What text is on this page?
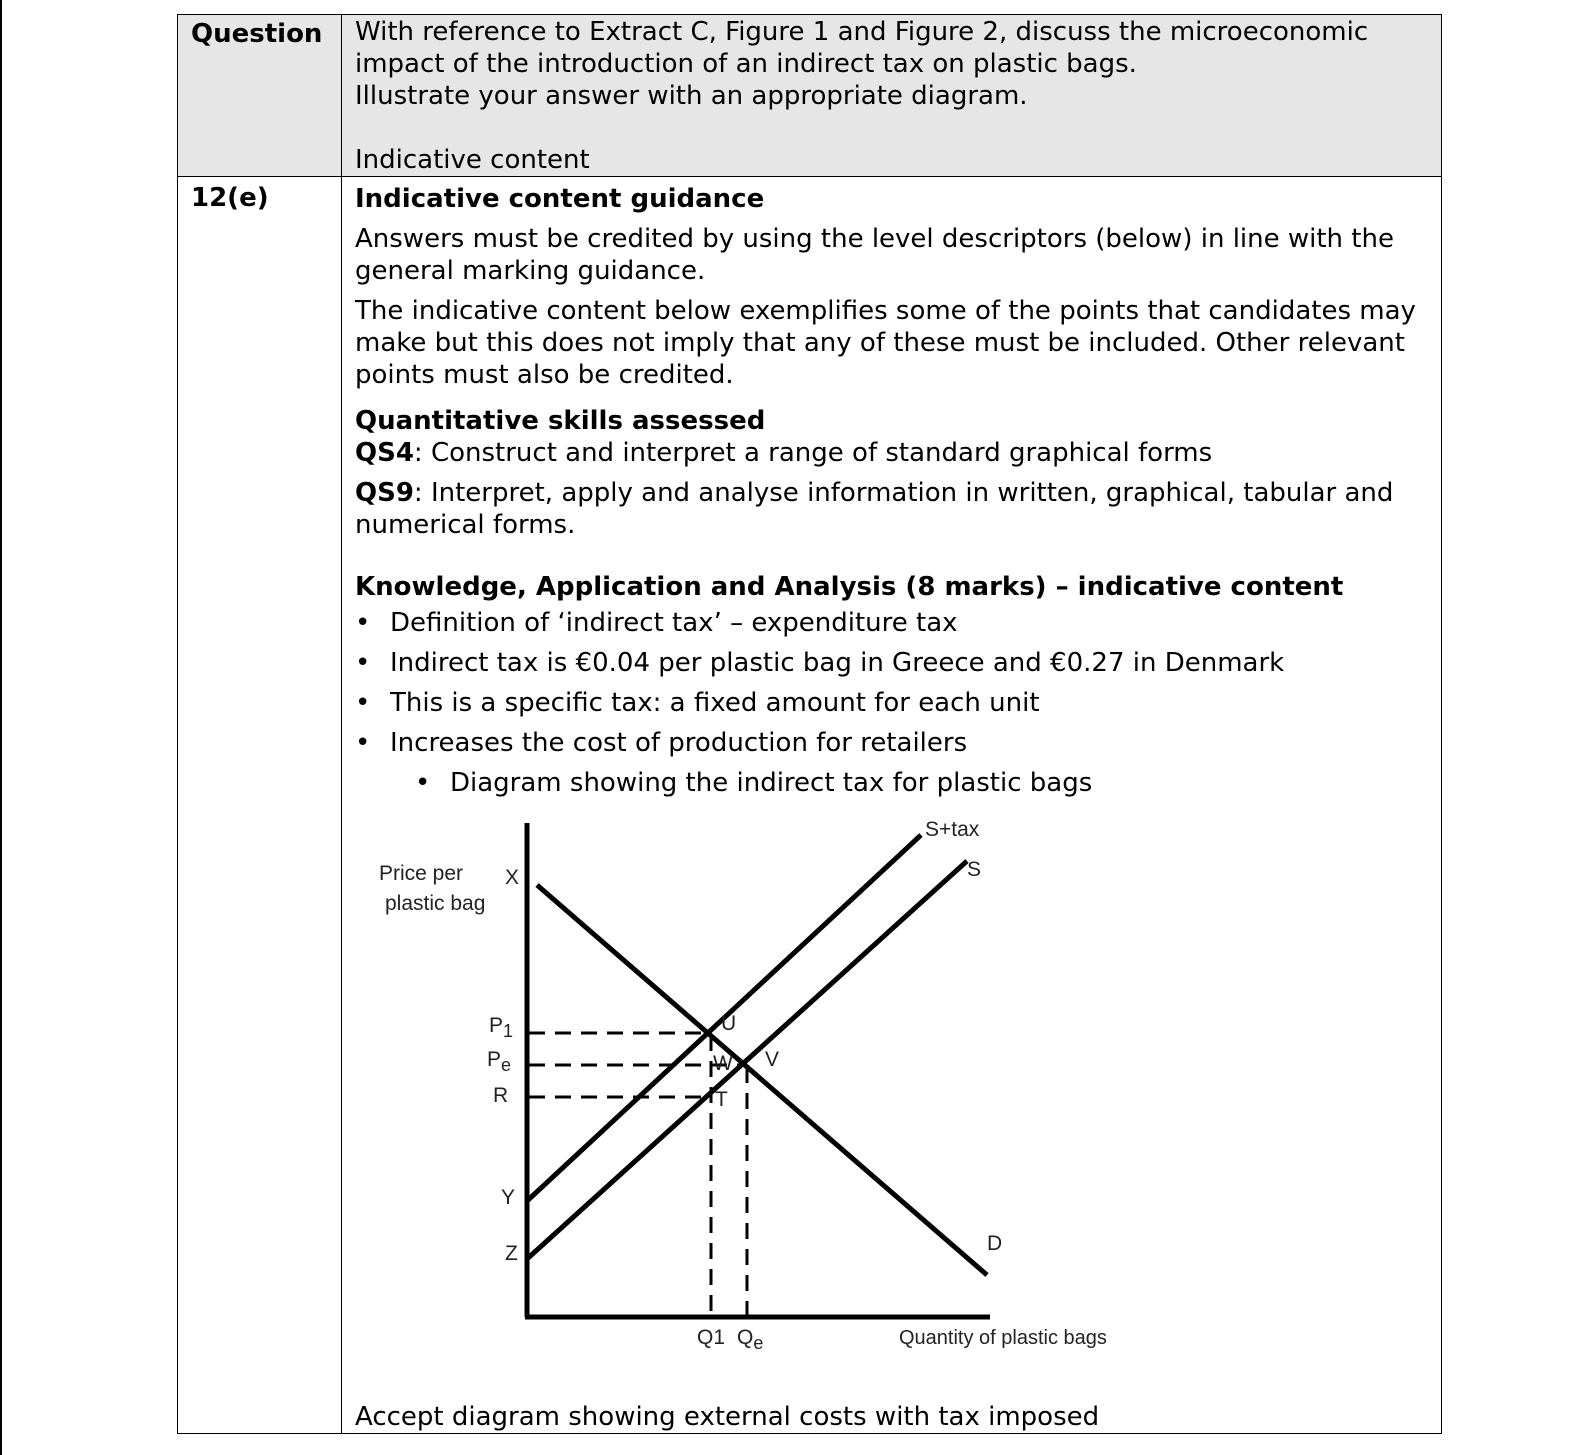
Question	With reference to Extract C, Figure 1 and Figure 2, discuss the microeconomic

impact of the introduction of an indirect tax on plastic bags.

Illustrate your answer with an appropriate diagram.

Indicative content

12(e)	Indicative content guidance

Answers must be credited by using the level descriptors (below) in line with the general marking guidance.

The indicative content below exemplifies some of the points that candidates may make but this does not imply that any of these must be included. Other relevant points must also be credited.

Quantitative skills assessed

QS4: Construct and interpret a range of standard graphical forms

QS9: Interpret, apply and analyse information in written, graphical, tabular and numerical forms.

Knowledge, Application and Analysis (8 marks) – indicative content

• Definition of ‘indirect tax’ – expenditure tax
• Indirect tax is €0.04 per plastic bag in Greece and €0.27 in Denmark
• This is a specific tax: a fixed amount for each unit
• Increases the cost of production for retailers
• Diagram showing the indirect tax for plastic bags
Price per
plastic bag
X
$P_1$
$P_e$
R
Y
Z
S+tax
S
D
U
W V
T
Q1 $Q_e$	Quantity of plastic bags

Accept diagram showing external costs with tax imposed
